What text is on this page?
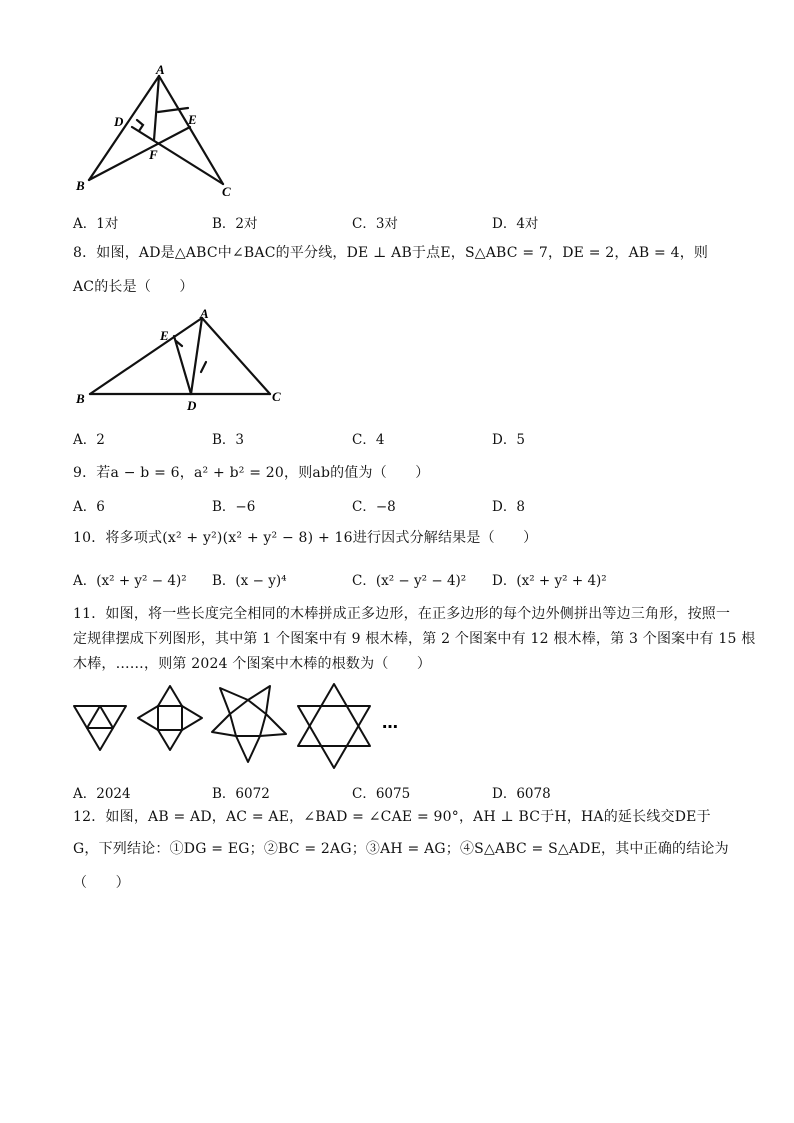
A
B	C
D	E
F
A．1对	B．2对	C．3对	D．4对
8．如图，AD是△ABC中∠BAC的平分线，DE ⊥ AB于点E，S△ABC = 7，DE = 2，AB = 4，则
AC的长是（　　）
A
B	C
D
E
A．2	B．3	C．4	D．5
9．若a − b = 6，a² + b² = 20，则ab的值为（　　）
A．6	B．−6	C．−8	D．8
10．将多项式(x² + y²)(x² + y² − 8) + 16进行因式分解结果是（　　）
A．(x² + y² − 4)² B．(x − y)⁴	C．(x² − y² − 4)² D．(x² + y² + 4)²
11．如图，将一些长度完全相同的木棒拼成正多边形，在正多边形的每个边外侧拼出等边三角形，按照一
定规律摆成下列图形，其中第 1 个图案中有 9 根木棒，第 2 个图案中有 12 根木棒，第 3 个图案中有 15 根
木棒，……，则第 2024 个图案中木棒的根数为（　　）
…
A．2024	B．6072	C．6075	D．6078
12．如图，AB = AD，AC = AE，∠BAD = ∠CAE = 90°，AH ⊥ BC于H，HA的延长线交DE于
G，下列结论：①DG = EG；②BC = 2AG；③AH = AG；④S△ABC = S△ADE，其中正确的结论为
（　　）
